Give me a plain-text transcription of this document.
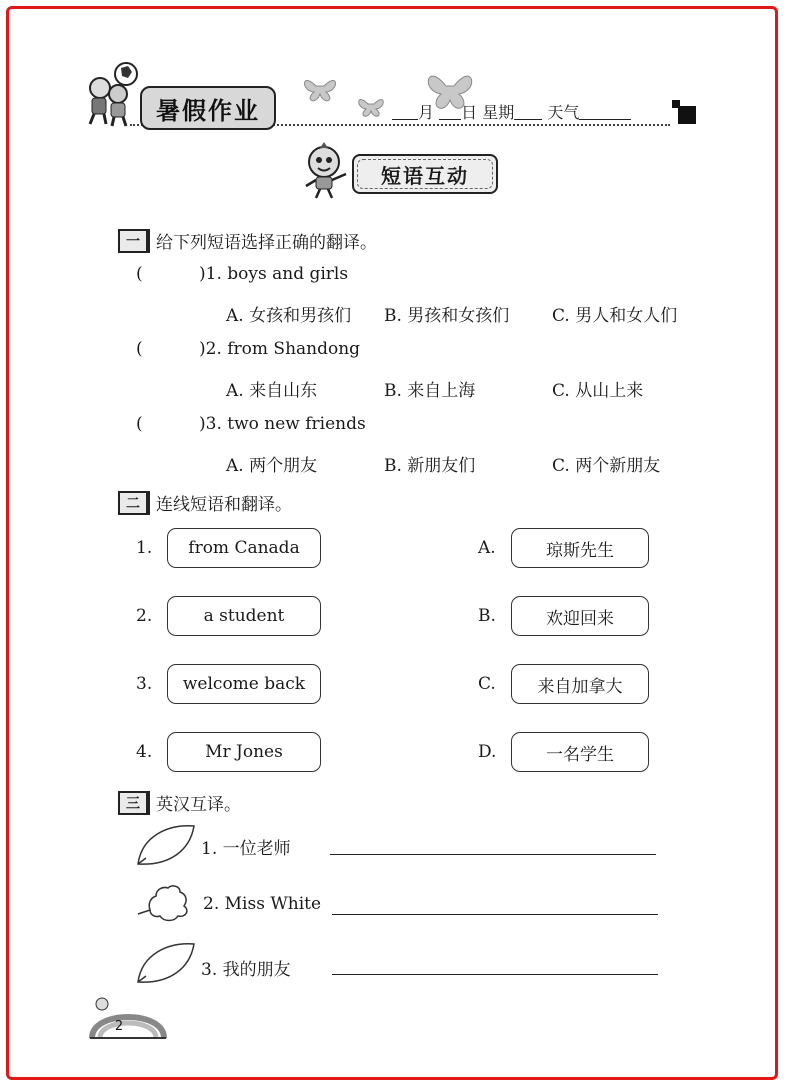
暑假作业	月 日 星期 天气
短语互动
一 给下列短语选择正确的翻译。
(	)1. boys and girls
A. 女孩和男孩们 B. 男孩和女孩们	C. 男人和女人们
(	)2. from Shandong
A. 来自山东	B. 来自上海	C. 从山上来
(	)3. two new friends
A. 两个朋友	B. 新朋友们	C. 两个新朋友
二 连线短语和翻译。
1. from Canada	A.	琼斯先生
2.	a student	B.	欢迎回来
3. welcome back	C. 来自加拿大
4.	Mr Jones	D.	一名学生
三 英汉互译。
1. 一位老师
2. Miss White
3. 我的朋友
2
